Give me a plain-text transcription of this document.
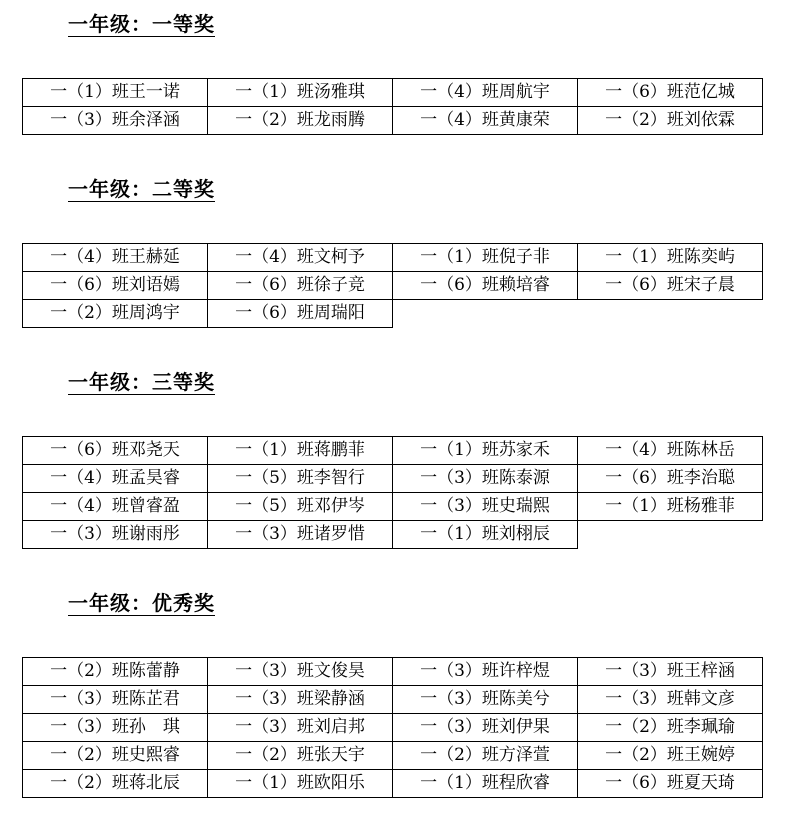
一年级：一等奖
一（1）班王一诺	一（1）班汤雅琪	一（4）班周航宇	一（6）班范亿城
一（3）班余泽涵	一（2）班龙雨腾	一（4）班黄康荣	一（2）班刘依霖
一年级：二等奖
一（4）班王赫延	一（4）班文柯予	一（1）班倪子非	一（1）班陈奕屿
一（6）班刘语嫣	一（6）班徐子竞	一（6）班赖培睿	一（6）班宋子晨
一（2）班周鸿宇	一（6）班周瑞阳		
一年级：三等奖
一（6）班邓尧天	一（1）班蒋鹏菲	一（1）班苏家禾	一（4）班陈林岳
一（4）班孟昊睿	一（5）班李智行	一（3）班陈泰源	一（6）班李治聪
一（4）班曾睿盈	一（5）班邓伊岑	一（3）班史瑞熙	一（1）班杨雅菲
一（3）班谢雨彤	一（3）班诸罗惜	一（1）班刘栩辰	
一年级：优秀奖
一（2）班陈蕾静	一（3）班文俊昊	一（3）班许梓煜	一（3）班王梓涵
一（3）班陈芷君	一（3）班梁静涵	一（3）班陈美兮	一（3）班韩文彦
一（3）班孙　琪	一（3）班刘启邦	一（3）班刘伊果	一（2）班李珮瑜
一（2）班史熙睿	一（2）班张天宇	一（2）班方泽萱	一（2）班王婉婷
一（2）班蒋北辰	一（1）班欧阳乐	一（1）班程欣睿	一（6）班夏天琦
